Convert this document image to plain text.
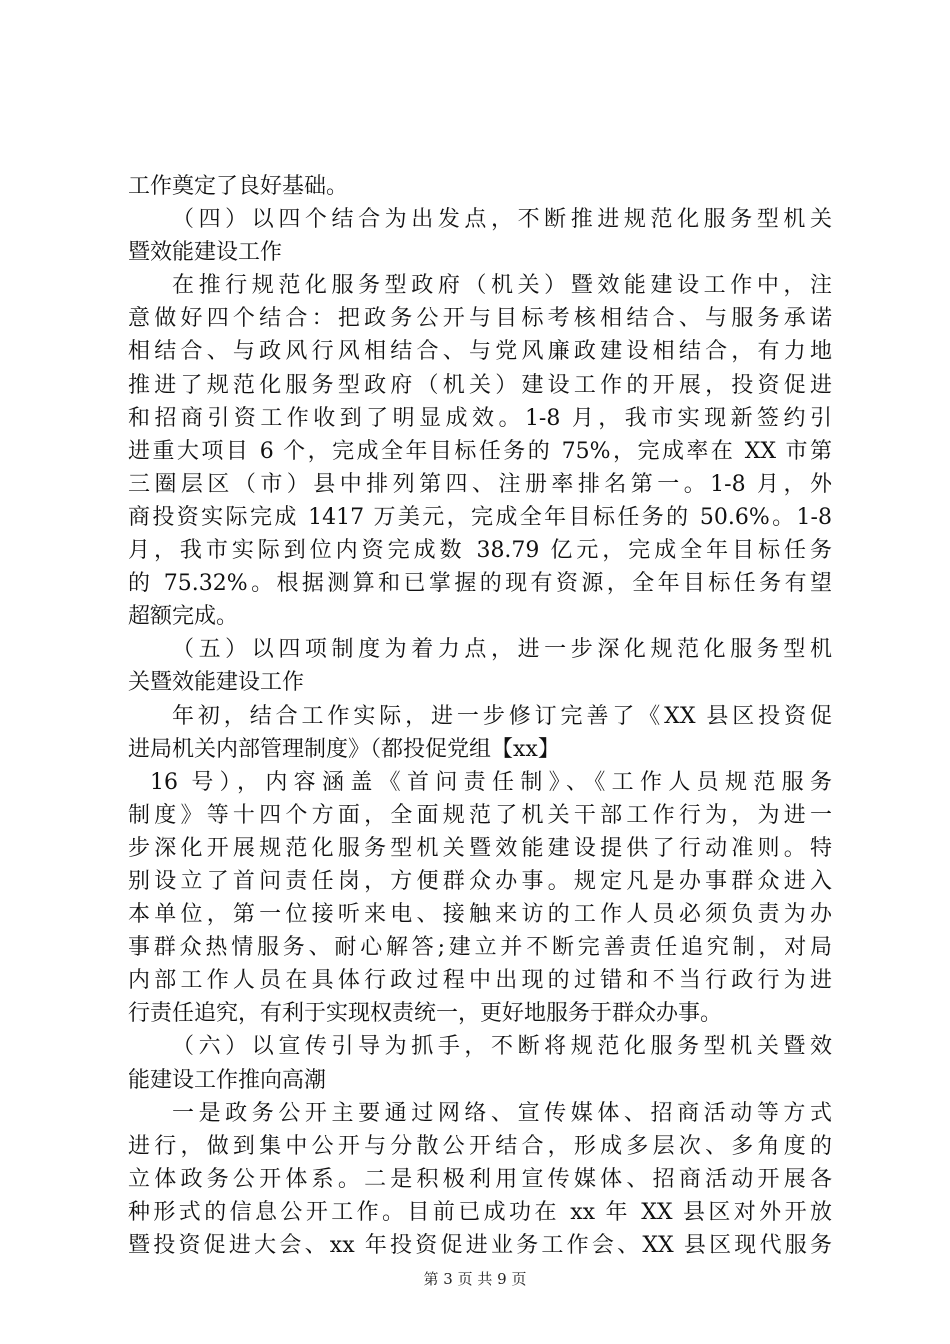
工作奠定了良好基础。
（四）以四个结合为出发点，不断推进规范化服务型机关
暨效能建设工作
在推行规范化服务型政府（机关）暨效能建设工作中，注
意做好四个结合：把政务公开与目标考核相结合、与服务承诺
相结合、与政风行风相结合、与党风廉政建设相结合，有力地
推进了规范化服务型政府（机关）建设工作的开展，投资促进
和招商引资工作收到了明显成效。1-8 月，我市实现新签约引
进重大项目 6 个，完成全年目标任务的 75%，完成率在 XX 市第
三圈层区（市）县中排列第四、注册率排名第一。1-8 月，外
商投资实际完成 1417 万美元，完成全年目标任务的 50.6%。1-8
月，我市实际到位内资完成数 38.79 亿元，完成全年目标任务
的 75.32%。根据测算和已掌握的现有资源，全年目标任务有望
超额完成。
（五）以四项制度为着力点，进一步深化规范化服务型机
关暨效能建设工作
年初，结合工作实际，进一步修订完善了《XX 县区投资促
进局机关内部管理制度》（都投促党组【xx】
16 号），内容涵盖《首问责任制》、《工作人员规范服务
制度》等十四个方面，全面规范了机关干部工作行为，为进一
步深化开展规范化服务型机关暨效能建设提供了行动准则。特
别设立了首问责任岗，方便群众办事。规定凡是办事群众进入
本单位，第一位接听来电、接触来访的工作人员必须负责为办
事群众热情服务、耐心解答;建立并不断完善责任追究制，对局
内部工作人员在具体行政过程中出现的过错和不当行政行为进
行责任追究，有利于实现权责统一，更好地服务于群众办事。
（六）以宣传引导为抓手，不断将规范化服务型机关暨效
能建设工作推向高潮
一是政务公开主要通过网络、宣传媒体、招商活动等方式
进行，做到集中公开与分散公开结合，形成多层次、多角度的
立体政务公开体系。二是积极利用宣传媒体、招商活动开展各
种形式的信息公开工作。目前已成功在 xx 年 XX 县区对外开放
暨投资促进大会、xx 年投资促进业务工作会、XX 县区现代服务
第 3 页 共 9 页
